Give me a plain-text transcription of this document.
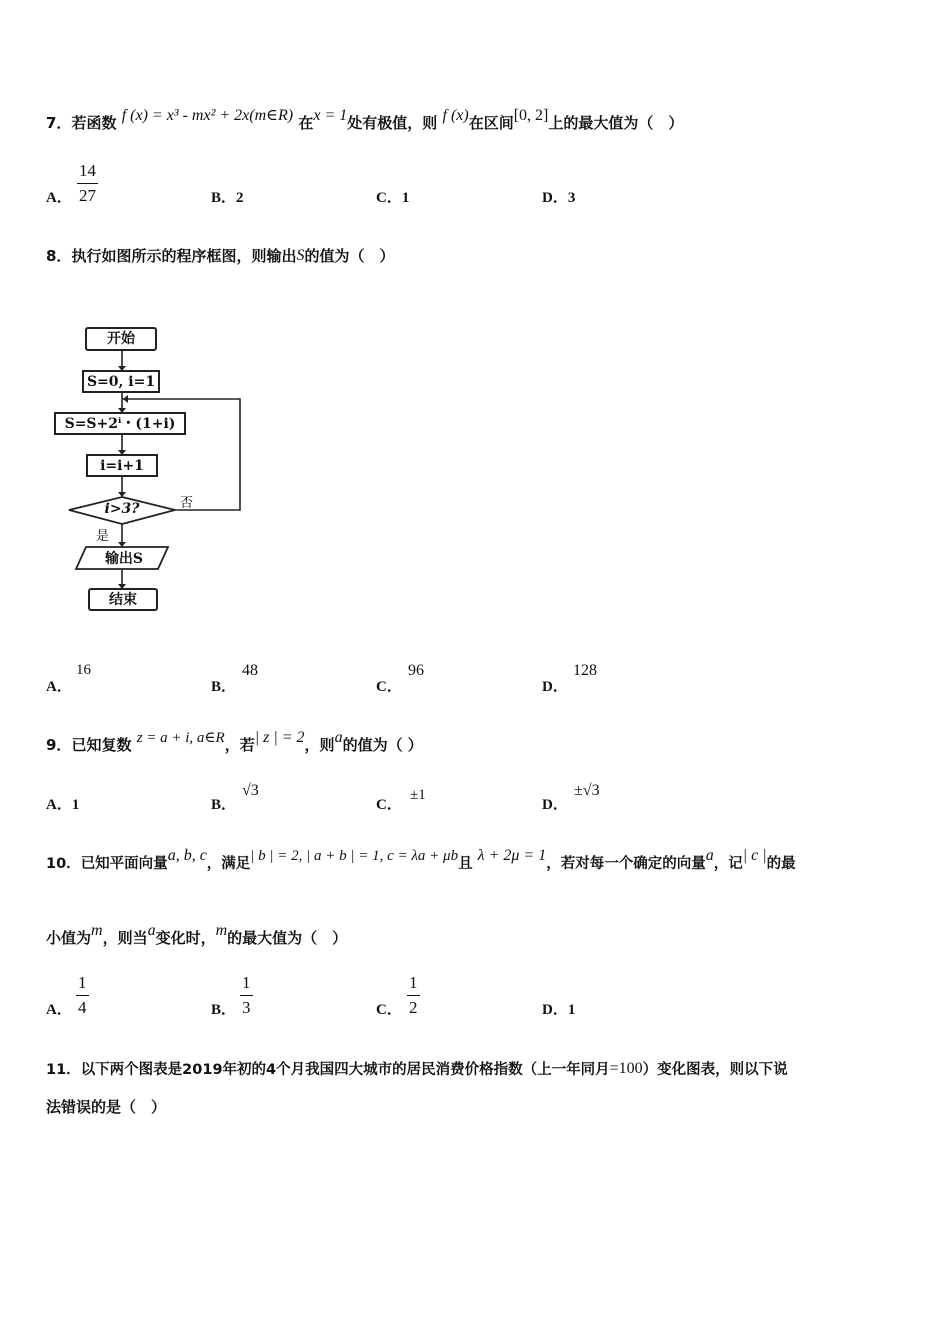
7．若函数 f (x) = x³ - mx² + 2x(m∈R) 在x = 1处有极值，则 f (x)在区间[0, 2]上的最大值为（　）
A． $\frac{14}{27}$	B．2	C．1	D．3
8．执行如图所示的程序框图，则输出S的值为（　）
开始
S=0, i=1
S=S+2ⁱ・(1+i)
i=i+1
i>3?	否
是
输出S
结束
A．
16
B．
48
C．
96
D．
128
9．已知复数 z = a + i, a∈R，若| z | = 2，则a的值为（ ）
A．1	B．
√3
C．
±1
D．
±√3
10．已知平面向量a, b, c，满足| b | = 2, | a + b | = 1, c = λa + μb且 λ + 2μ = 1，若对每一个确定的向量a，记| c |的最
小值为m，则当a变化时，m的最大值为（　）
A． $\frac{1}{4}$	B． $\frac{1}{3}$	C． $\frac{1}{2}$	D．1
11．以下两个图表是2019年初的4个月我国四大城市的居民消费价格指数（上一年同月=100）变化图表，则以下说
法错误的是（　）
